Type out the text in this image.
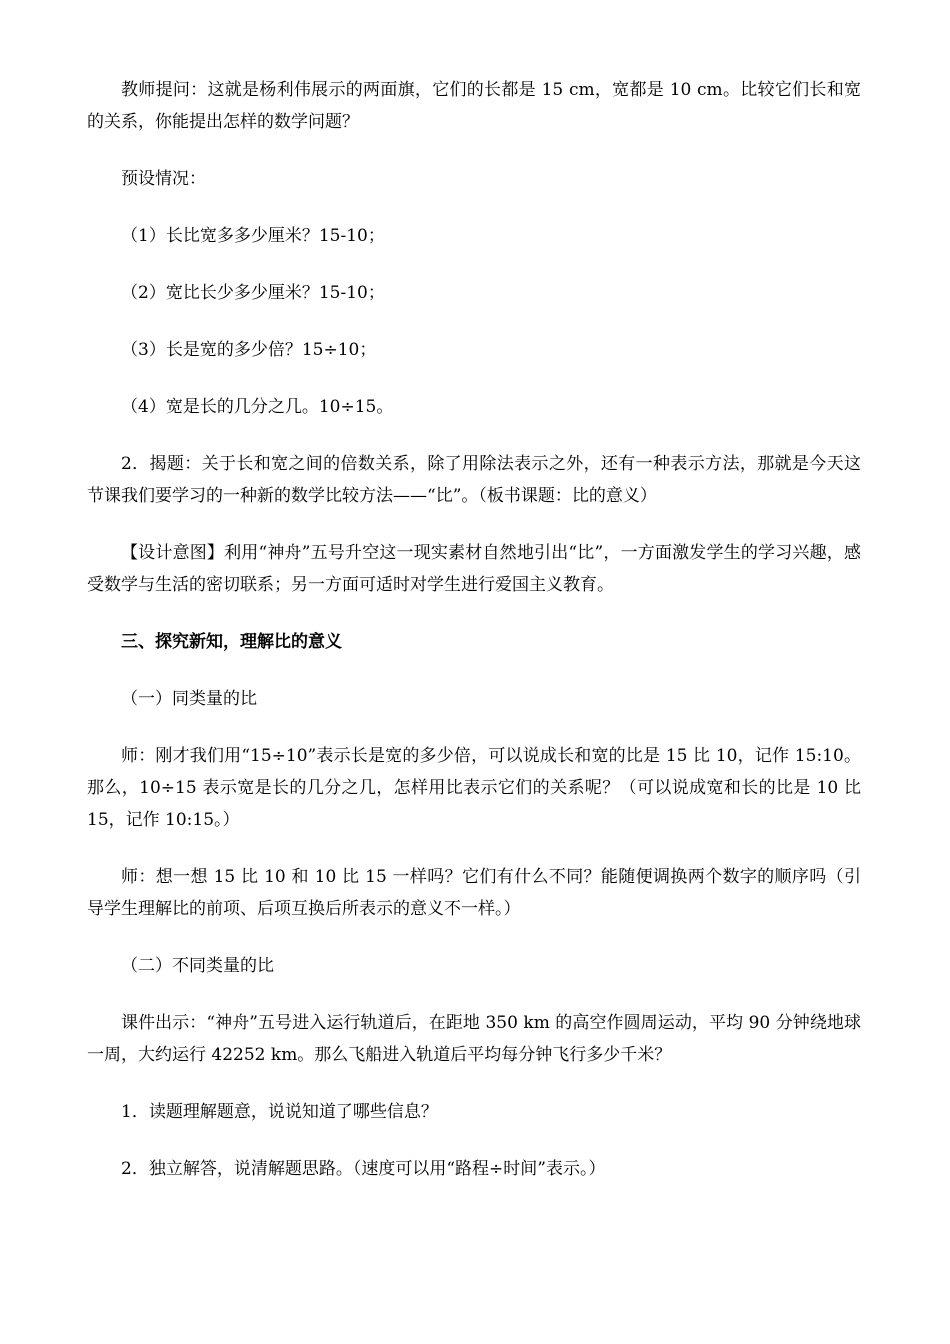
教师提问：这就是杨利伟展示的两面旗，它们的长都是 15 cm，宽都是 10 cm。比较它们长和宽的关系，你能提出怎样的数学问题？

预设情况：

（1）长比宽多多少厘米？15-10；

（2）宽比长少多少厘米？15-10；

（3）长是宽的多少倍？15÷10；

（4）宽是长的几分之几。10÷15。

2．揭题：关于长和宽之间的倍数关系，除了用除法表示之外，还有一种表示方法，那就是今天这节课我们要学习的一种新的数学比较方法——“比”。（板书课题：比的意义）

【设计意图】利用“神舟”五号升空这一现实素材自然地引出“比”，一方面激发学生的学习兴趣，感受数学与生活的密切联系；另一方面可适时对学生进行爱国主义教育。

三、探究新知，理解比的意义

（一）同类量的比

师：刚才我们用“15÷10”表示长是宽的多少倍，可以说成长和宽的比是 15 比 10，记作 15:10。那么，10÷15 表示宽是长的几分之几，怎样用比表示它们的关系呢？（可以说成宽和长的比是 10 比 15，记作 10:15。）

师：想一想 15 比 10 和 10 比 15 一样吗？它们有什么不同？能随便调换两个数字的顺序吗（引导学生理解比的前项、后项互换后所表示的意义不一样。）

（二）不同类量的比

课件出示：“神舟”五号进入运行轨道后，在距地 350 km 的高空作圆周运动，平均 90 分钟绕地球一周，大约运行 42252 km。那么飞船进入轨道后平均每分钟飞行多少千米？

1．读题理解题意，说说知道了哪些信息？

2．独立解答，说清解题思路。（速度可以用“路程÷时间”表示。）
